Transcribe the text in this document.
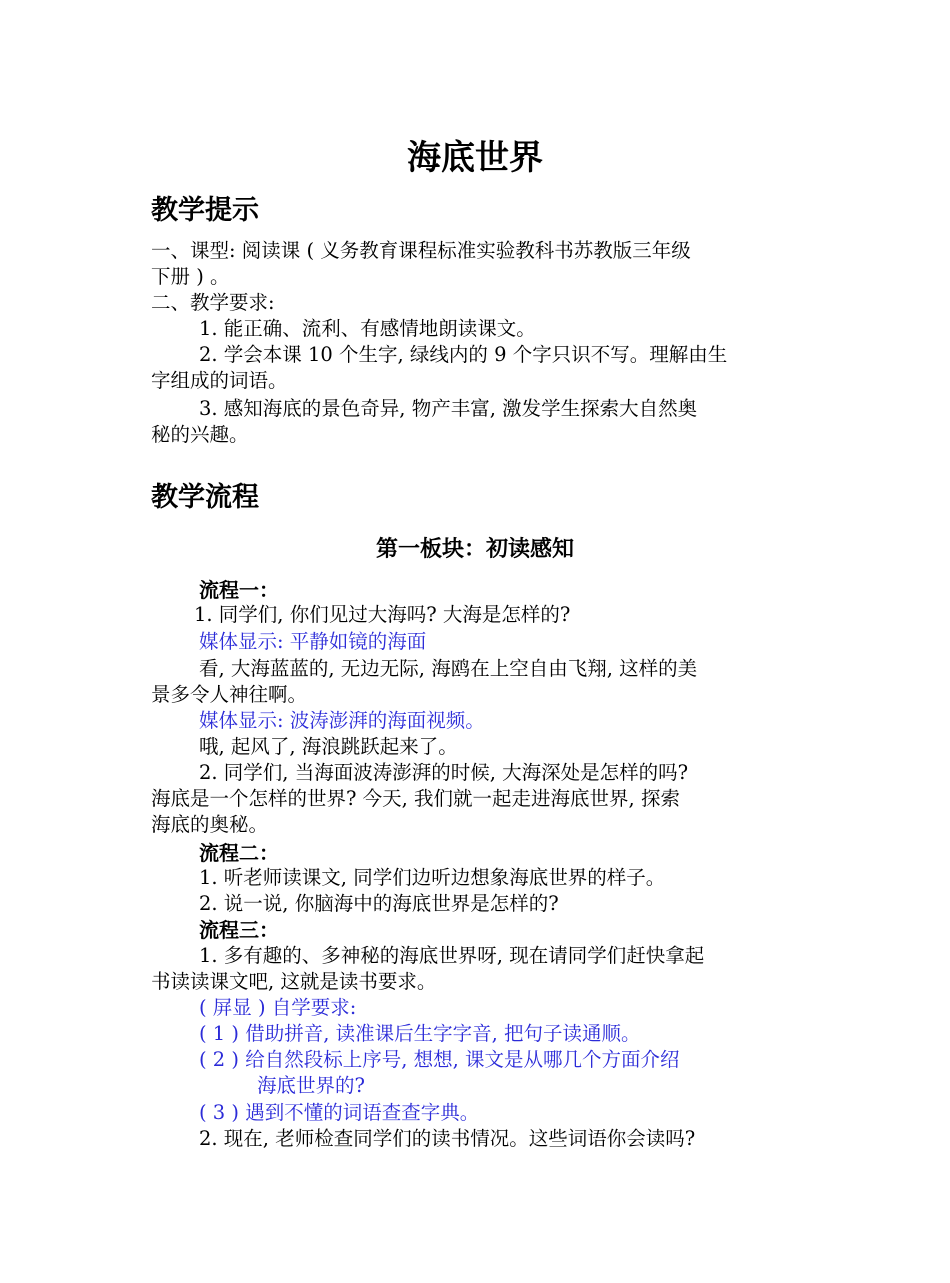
海底世界
教学提示
一、课型: 阅读课 ( 义务教育课程标准实验教科书苏教版三年级
下册 ) 。
二、教学要求:
1. 能正确、流利、有感情地朗读课文。
2. 学会本课 10 个生字, 绿线内的 9 个字只识不写。理解由生
字组成的词语。
3. 感知海底的景色奇异, 物产丰富, 激发学生探索大自然奥
秘的兴趣。
教学流程
第一板块：初读感知
流程一：
1. 同学们, 你们见过大海吗? 大海是怎样的?
媒体显示: 平静如镜的海面
看, 大海蓝蓝的, 无边无际, 海鸥在上空自由飞翔, 这样的美
景多令人神往啊。
媒体显示: 波涛澎湃的海面视频。
哦, 起风了, 海浪跳跃起来了。
2. 同学们, 当海面波涛澎湃的时候, 大海深处是怎样的吗?
海底是一个怎样的世界? 今天, 我们就一起走进海底世界, 探索
海底的奥秘。
流程二：
1. 听老师读课文, 同学们边听边想象海底世界的样子。
2. 说一说, 你脑海中的海底世界是怎样的?
流程三：
1. 多有趣的、多神秘的海底世界呀, 现在请同学们赶快拿起
书读读课文吧, 这就是读书要求。
( 屏显 ) 自学要求:
( 1 ) 借助拼音, 读准课后生字字音, 把句子读通顺。
( 2 ) 给自然段标上序号, 想想, 课文是从哪几个方面介绍
海底世界的?
( 3 ) 遇到不懂的词语查查字典。
2. 现在, 老师检查同学们的读书情况。这些词语你会读吗?
